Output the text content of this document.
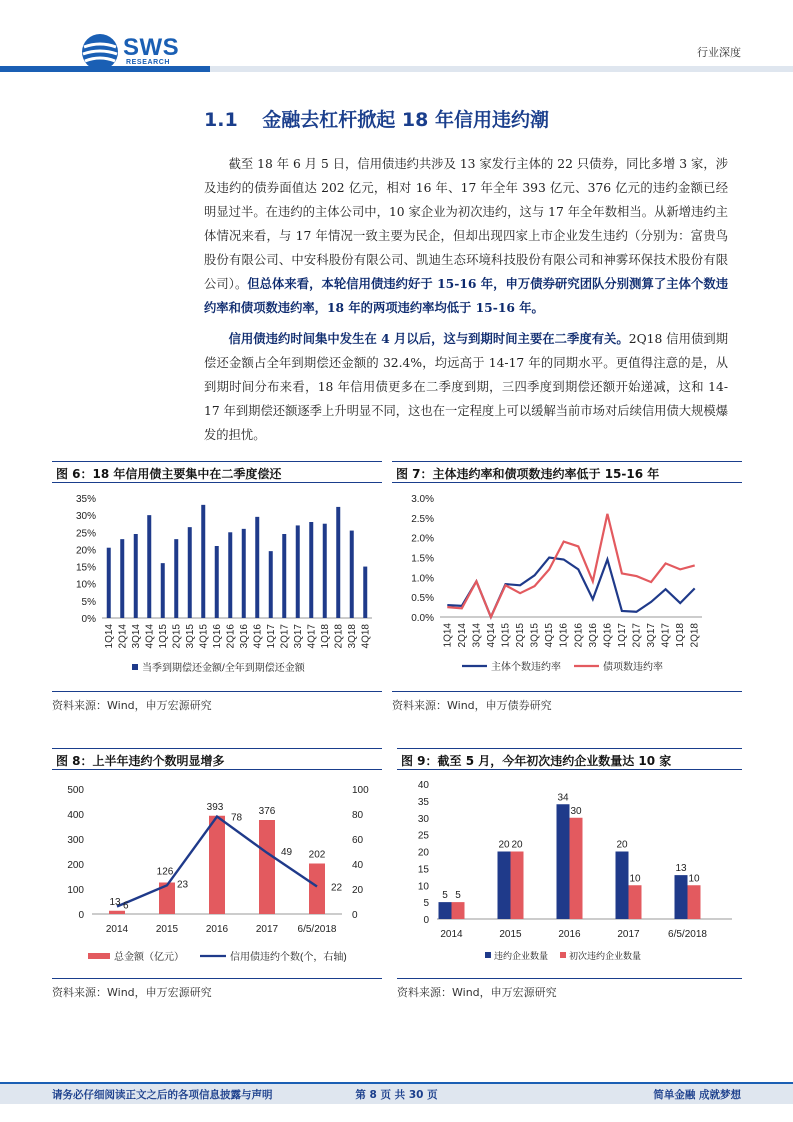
SWS
RESEARCH
行业深度
1.1 金融去杠杆掀起 18 年信用违约潮
截至 18 年 6 月 5 日，信用债违约共涉及 13 家发行主体的 22 只债券，同比多增 3 家，涉及违约的债券面值达 202 亿元，相对 16 年、17 年全年 393 亿元、376 亿元的违约金额已经明显过半。在违约的主体公司中，10 家企业为初次违约，这与 17 年全年数相当。从新增违约主体情况来看，与 17 年情况一致主要为民企，但却出现四家上市企业发生违约（分别为：富贵鸟股份有限公司、中安科股份有限公司、凯迪生态环境科技股份有限公司和神雾环保技术股份有限公司）。但总体来看，本轮信用债违约好于 15-16 年，申万债券研究团队分别测算了主体个数违约率和债项数违约率，18 年的两项违约率均低于 15-16 年。
信用债违约时间集中发生在 4 月以后，这与到期时间主要在二季度有关。2Q18 信用债到期偿还金额占全年到期偿还金额的 32.4%，均远高于 14-17 年的同期水平。更值得注意的是，从到期时间分布来看，18 年信用债更多在二季度到期，三四季度到期偿还额开始递减，这和 14-17 年到期偿还额逐季上升明显不同，这也在一定程度上可以缓解当前市场对后续信用债大规模爆发的担忧。
图 6：18 年信用债主要集中在二季度偿还
35%
30%
25%
20%
15%
10%
5%
0%
1Q14 2Q14 3Q14 4Q14 1Q15 2Q15 3Q15 4Q15 1Q16 2Q16 3Q16 4Q16 1Q17 2Q17 3Q17 4Q17 1Q18 2Q18 3Q18 4Q18
当季到期偿还金额/全年到期偿还金额
资料来源：Wind，申万宏源研究
图 7：主体违约率和债项数违约率低于 15-16 年
3.0%
2.5%
2.0%
1.5%
1.0%
0.5%
0.0%
1Q14 2Q14 3Q14 4Q14 1Q15 2Q15 3Q15 4Q15 1Q16 2Q16 3Q16 4Q16 1Q17 2Q17 3Q17 4Q17 1Q18 2Q18
主体个数违约率	债项数违约率
资料来源：Wind，申万债券研究
图 8：上半年违约个数明显增多
500
400
300
200
100
0
100
80
60
40
20
0
2014	2015	2016	2017 6/5/2018
13
126
393	376
202
6
23
78
49
22
总金额（亿元）	信用债违约个数(个，右轴)
资料来源：Wind，申万宏源研究
图 9：截至 5 月，今年初次违约企业数量达 10 家
40
35
30
25
20
15
10
5
0
5 5
2014
20 20
2015
34
30
2016
20
10
2017
13
10
6/5/2018
违约企业数量 初次违约企业数量
资料来源：Wind，申万宏源研究
请务必仔细阅读正文之后的各项信息披露与声明	第 8 页 共 30 页	简单金融 成就梦想
